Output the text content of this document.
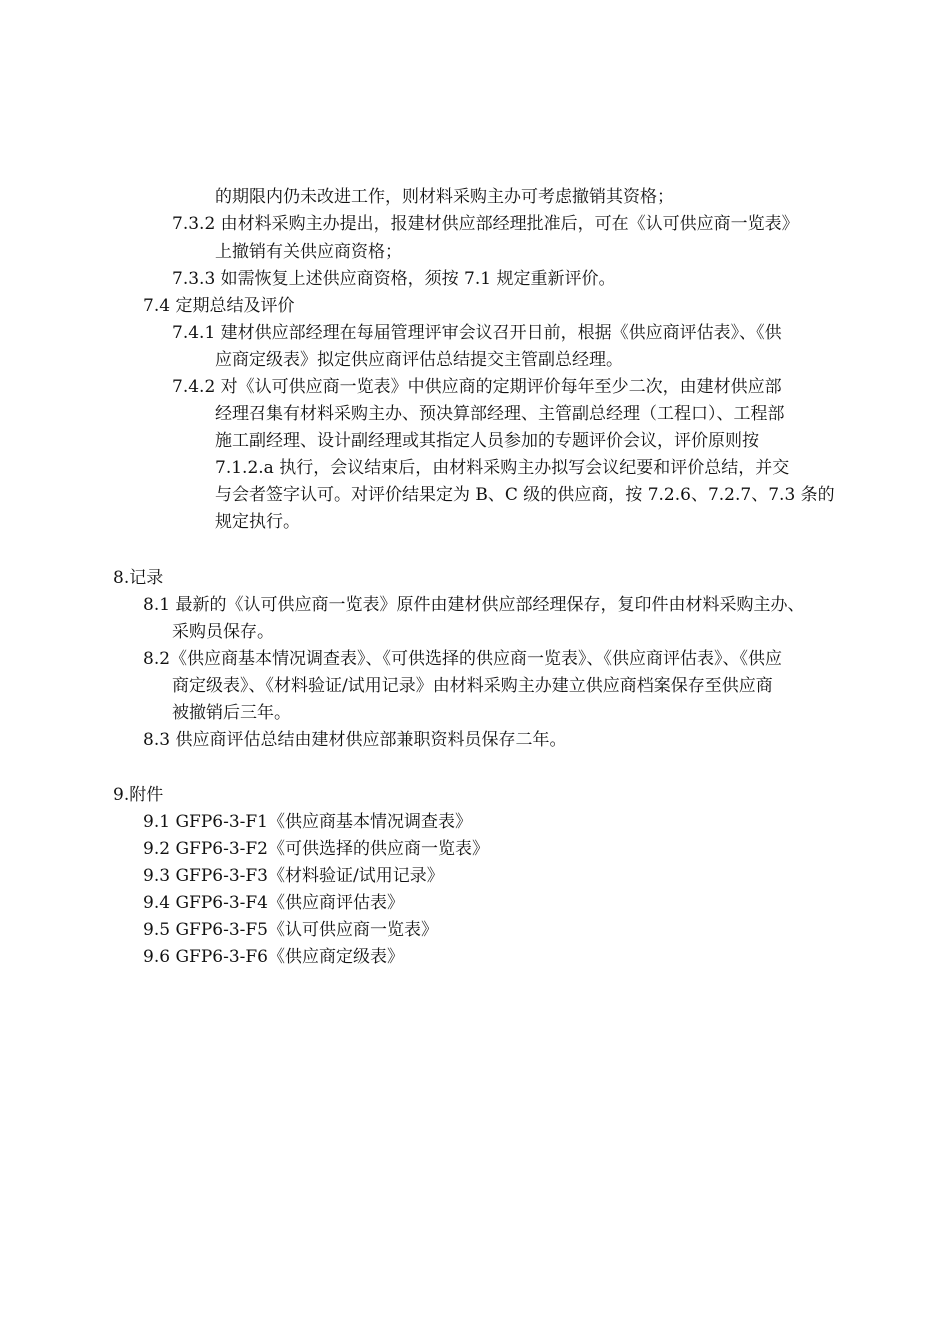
的期限内仍未改进工作，则材料采购主办可考虑撤销其资格；
7.3.2 由材料采购主办提出，报建材供应部经理批准后，可在《认可供应商一览表》
上撤销有关供应商资格；
7.3.3 如需恢复上述供应商资格，须按 7.1 规定重新评价。
7.4 定期总结及评价
7.4.1 建材供应部经理在每届管理评审会议召开日前，根据《供应商评估表》、《供
应商定级表》拟定供应商评估总结提交主管副总经理。
7.4.2 对《认可供应商一览表》中供应商的定期评价每年至少二次，由建材供应部
经理召集有材料采购主办、预决算部经理、主管副总经理（工程口）、工程部
施工副经理、设计副经理或其指定人员参加的专题评价会议，评价原则按
7.1.2.a 执行，会议结束后，由材料采购主办拟写会议纪要和评价总结，并交
与会者签字认可。对评价结果定为 B、C 级的供应商，按 7.2.6、7.2.7、7.3 条的
规定执行。
8.记录
8.1 最新的《认可供应商一览表》原件由建材供应部经理保存，复印件由材料采购主办、
采购员保存。
8.2《供应商基本情况调查表》、《可供选择的供应商一览表》、《供应商评估表》、《供应
商定级表》、《材料验证/试用记录》由材料采购主办建立供应商档案保存至供应商
被撤销后三年。
8.3 供应商评估总结由建材供应部兼职资料员保存二年。
9.附件
9.1 GFP6-3-F1《供应商基本情况调查表》
9.2 GFP6-3-F2《可供选择的供应商一览表》
9.3 GFP6-3-F3《材料验证/试用记录》
9.4 GFP6-3-F4《供应商评估表》
9.5 GFP6-3-F5《认可供应商一览表》
9.6 GFP6-3-F6《供应商定级表》
